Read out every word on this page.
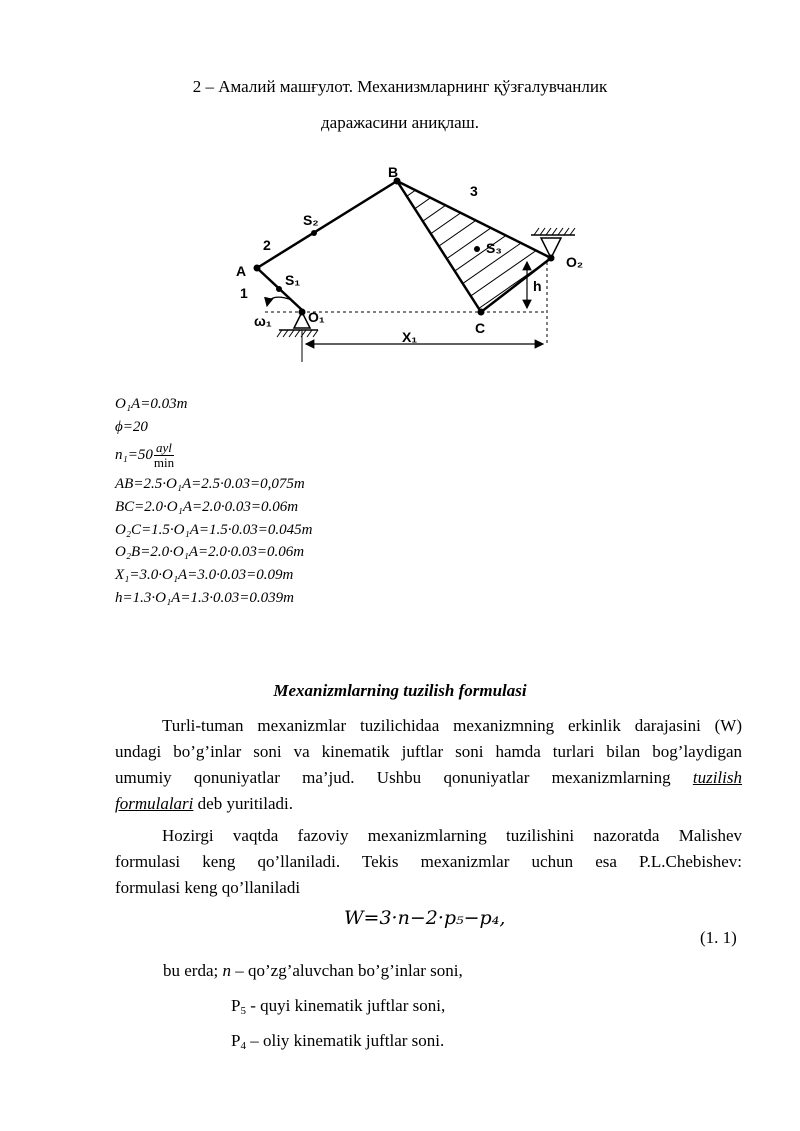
2 – Амалий машғулот. Механизмларнинг қўзғалувчанлик
даражасини аниқлаш.
B
3
S₂
2	S₃
O₂
A
S₁	h
1
ω₁	O₁
C
X₁
O₁A=0.03m
ϕ=20
$n_1=50 \frac{\text{ayl}}{\min}$
AB=2.5·O₁A=2.5·0.03=0,075m
BC=2.0·O₁A=2.0·0.03=0.06m
O₂C=1.5·O₁A=1.5·0.03=0.045m
O₂B=2.0·O₁A=2.0·0.03=0.06m
X₁=3.0·O₁A=3.0·0.03=0.09m
h=1.3·O₁A=1.3·0.03=0.039m
Mexanizmlarning tuzilish formulasi
Turli-tuman mexanizmlar tuzilichidaa mexanizmning erkinlik darajasini (W)
undagi bo’g’inlar soni va kinematik juftlar soni hamda turlari bilan bog’laydigan
umumiy qonuniyatlar ma’jud. Ushbu qonuniyatlar mexanizmlarning tuzilish
formulalari deb yuritiladi.
Hozirgi vaqtda fazoviy mexanizmlarning tuzilishini nazoratda Malishev
formulasi keng qo’llaniladi. Tekis mexanizmlar uchun esa P.L.Chebishev:
formulasi keng qo’llaniladi
W=3·n−2·p₅−p₄,
(1. 1)
bu erda; n – qo’zg’aluvchan bo’g’inlar soni,
$P_5$ - quyi kinematik juftlar soni,
$P_4$ – oliy kinematik juftlar soni.
